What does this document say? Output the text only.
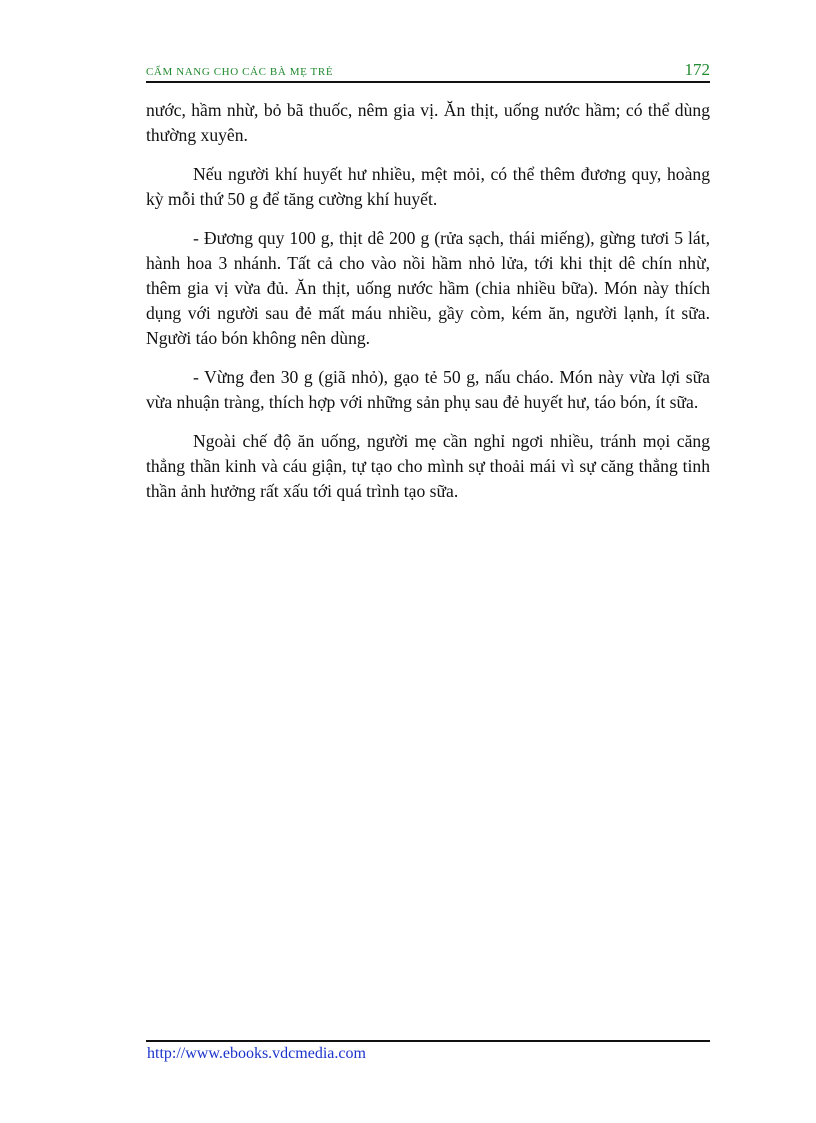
CẨM NANG CHO CÁC BÀ MẸ TRẺ	172

nước, hầm nhừ, bỏ bã thuốc, nêm gia vị. Ăn thịt, uống nước hầm; có thể dùng thường xuyên.

Nếu người khí huyết hư nhiều, mệt mỏi, có thể thêm đương quy, hoàng kỳ mỗi thứ 50 g để tăng cường khí huyết.

- Đương quy 100 g, thịt dê 200 g (rửa sạch, thái miếng), gừng tươi 5 lát, hành hoa 3 nhánh. Tất cả cho vào nồi hầm nhỏ lửa, tới khi thịt dê chín nhừ, thêm gia vị vừa đủ. Ăn thịt, uống nước hầm (chia nhiều bữa). Món này thích dụng với người sau đẻ mất máu nhiều, gầy còm, kém ăn, người lạnh, ít sữa. Người táo bón không nên dùng.

- Vừng đen 30 g (giã nhỏ), gạo tẻ 50 g, nấu cháo. Món này vừa lợi sữa vừa nhuận tràng, thích hợp với những sản phụ sau đẻ huyết hư, táo bón, ít sữa.

Ngoài chế độ ăn uống, người mẹ cần nghỉ ngơi nhiều, tránh mọi căng thẳng thần kinh và cáu giận, tự tạo cho mình sự thoải mái vì sự căng thẳng tinh thần ảnh hưởng rất xấu tới quá trình tạo sữa.

http://www.ebooks.vdcmedia.com
